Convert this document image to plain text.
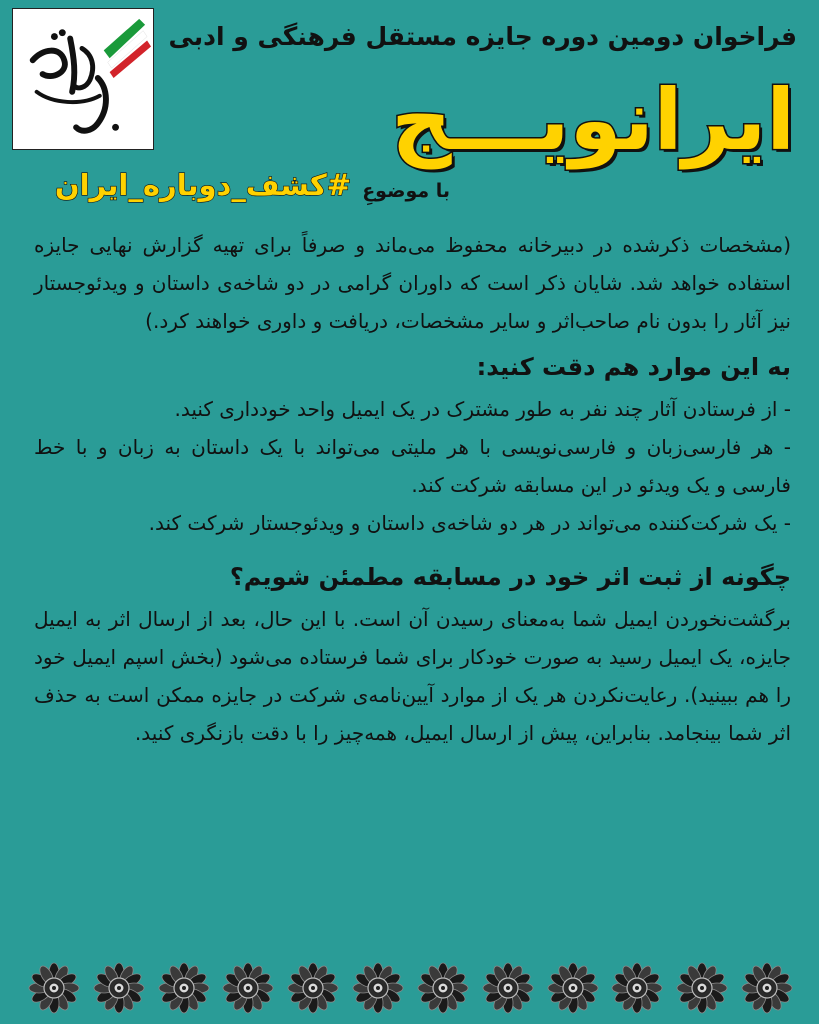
فراخوان دومین دوره جایزه مستقل فرهنگی و ادبی
ایرانویـــج
با موضوعِ #کشف_دوباره_ایران

(مشخصات ذکرشده در دبیرخانه محفوظ می‌ماند و صرفاً برای تهیه گزارش نهایی جایزه استفاده خواهد شد. شایان ذکر است که داوران گرامی در دو شاخه‌ی داستان و ویدئوجستار نیز آثار را بدون نام صاحب‌اثر و سایر مشخصات، دریافت و داوری خواهند کرد.)

به این موارد هم دقت کنید:

- از فرستادن آثار چند نفر به طور مشترک در یک ایمیل واحد خودداری کنید.

- هر فارسی‌زبان و فارسی‌نویسی با هر ملیتی می‌تواند با یک داستان به زبان و با خط فارسی و یک ویدئو در این مسابقه شرکت کند.

- یک شرکت‌کننده می‌تواند در هر دو شاخه‌ی داستان و ویدئوجستار شرکت کند.

چگونه از ثبت اثر خود در مسابقه مطمئن شویم؟

برگشت‌نخوردن ایمیل شما به‌معنای رسیدن آن است. با این حال، بعد از ارسال اثر به ایمیل جایزه، یک ایمیل رسید به صورت خودکار برای شما فرستاده می‌شود (بخش اسپم ایمیل خود را هم ببینید). رعایت‌نکردن هر یک از موارد آیین‌نامه‌ی شرکت در جایزه ممکن است به حذف اثر شما بینجامد. بنابراین، پیش از ارسال ایمیل، همه‌چیز را با دقت بازنگری کنید.
